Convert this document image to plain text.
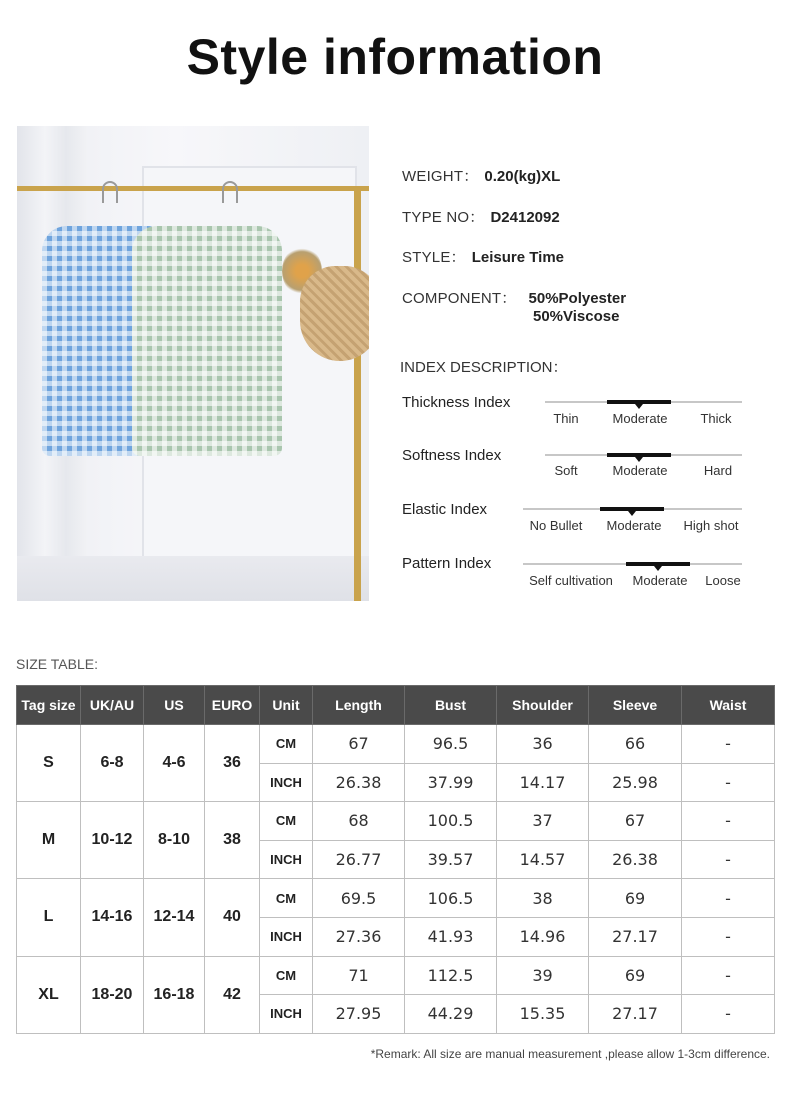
Style information
WEIGHT： 0.20(kg)XL
TYPE NO： D2412092
STYLE： Leisure Time
COMPONENT： 50%Polyester
50%Viscose
INDEX DESCRIPTION：
Thickness Index
Thin	Moderate	Thick
Softness Index
Soft	Moderate	Hard
Elastic Index
No Bullet	Moderate	High shot
Pattern Index
Self cultivation	Moderate	Loose
SIZE TABLE:
Tag size	UK/AU	US	EURO	Unit	Length	Bust	Shoulder	Sleeve	Waist
S	6-8	4-6	36	CM	67	96.5	36	66	-
				INCH	26.38	37.99	14.17	25.98	-
M	10-12	8-10	38	CM	68	100.5	37	67	-
				INCH	26.77	39.57	14.57	26.38	-
L	14-16	12-14	40	CM	69.5	106.5	38	69	-
				INCH	27.36	41.93	14.96	27.17	-
XL	18-20	16-18	42	CM	71	112.5	39	69	-
				INCH	27.95	44.29	15.35	27.17	-
*Remark: All size are manual measurement ,please allow 1-3cm difference.
